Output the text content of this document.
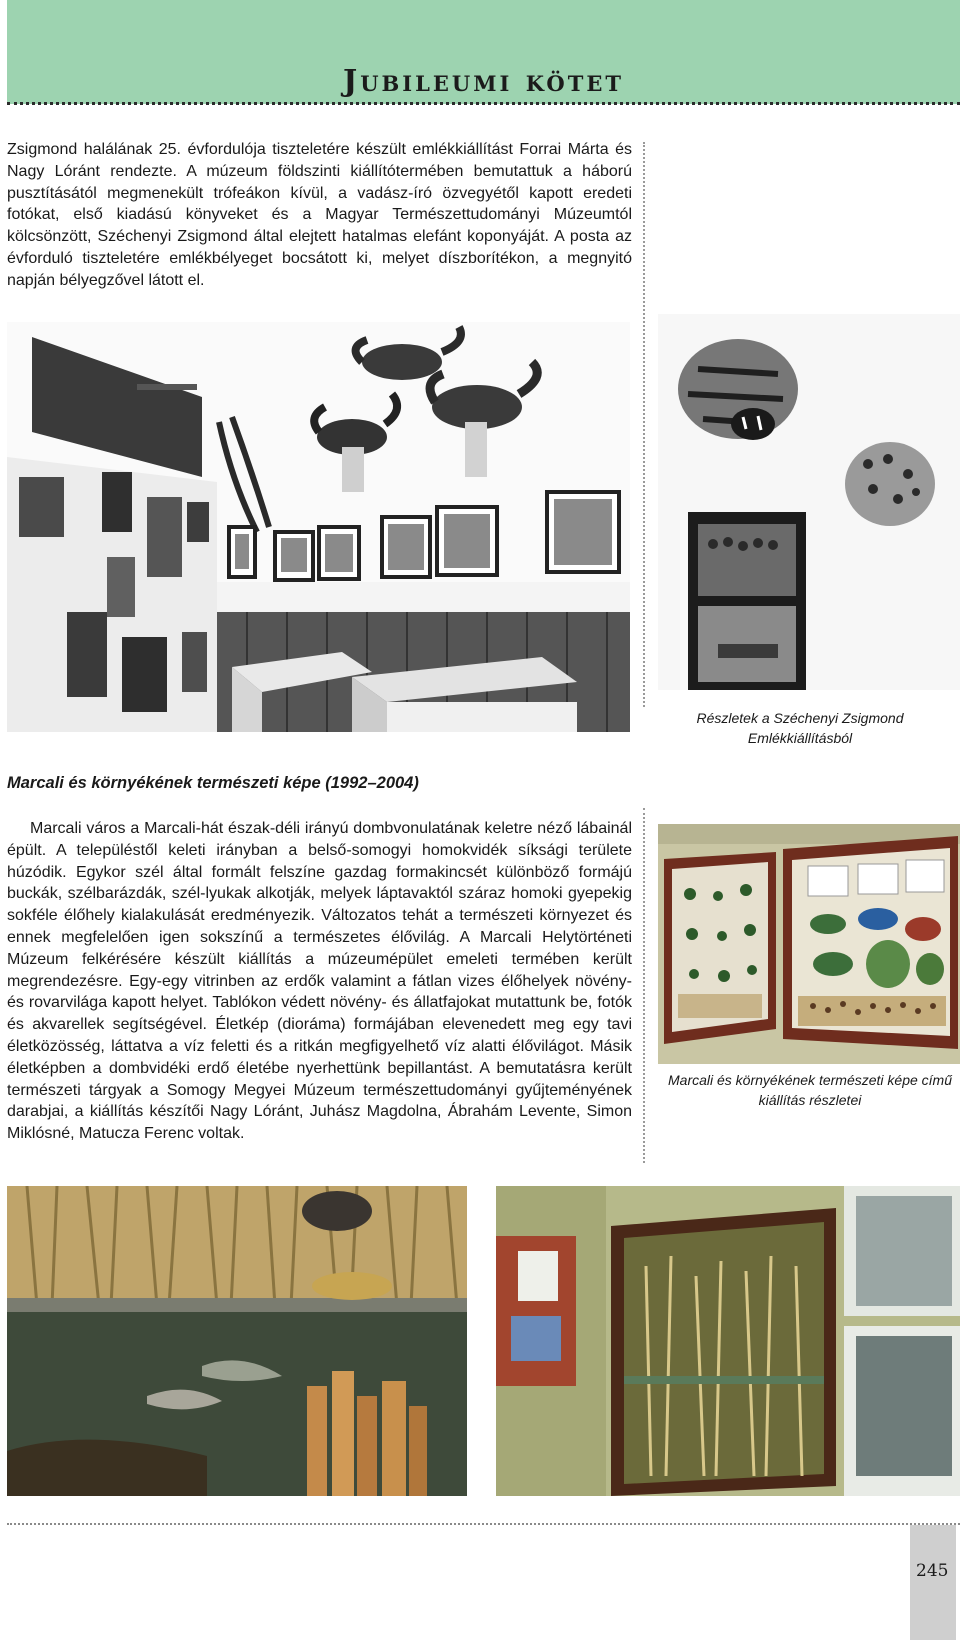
Jubileumi kötet

Zsigmond halálának 25. évfordulója tiszteletére készült emlékkiállítást Forrai Márta és Nagy Lóránt rendezte. A múzeum földszinti kiállítótermében bemutattuk a háború pusztításától megmenekült trófeákon kívül, a vadász-író özvegyétől kapott eredeti fotókat, első kiadású könyveket és a Magyar Természettudományi Múzeumtól kölcsönzött, Széchenyi Zsigmond által elejtett hatalmas elefánt koponyáját. A posta az évforduló tiszteletére emlékbélyeget bocsátott ki, melyet díszborítékon, a megnyitó napján bélyegzővel látott el.

Részletek a Széchenyi Zsigmond Emlékkiállításból

Marcali és környékének természeti képe (1992–2004)

Marcali város a Marcali-hát észak-déli irányú dombvonulatának keletre néző lábainál épült. A településtől keleti irányban a belső-somogyi homokvidék síksági területe húzódik. Egykor szél által formált felszíne gazdag formakincsét különböző formájú buckák, szélbarázdák, szél-lyukak alkotják, melyek láptavaktól száraz homoki gyepekig sokféle élőhely kialakulását eredményezik. Változatos tehát a természeti környezet és ennek megfelelően igen sokszínű a természetes élővilág. A Marcali Helytörténeti Múzeum felkérésére készült kiállítás a múzeumépület emeleti termében került megrendezésre. Egy-egy vitrinben az erdők valamint a fátlan vizes élőhelyek növény- és rovarvilága kapott helyet. Tablókon védett növény- és állatfajokat mutattunk be, fotók és akvarellek segítségével. Életkép (dioráma) formájában elevenedett meg egy tavi életközösség, láttatva a víz feletti és a ritkán megfigyelhető víz alatti élővilágot. Másik életképben a dombvidéki erdő életébe nyerhettünk bepillantást. A bemutatásra került természeti tárgyak a Somogy Megyei Múzeum természettudományi gyűjteményének darabjai, a kiállítás készítői Nagy Lóránt, Juhász Magdolna, Ábrahám Levente, Simon Miklósné, Matucza Ferenc voltak.

Marcali és környékének természeti képe című kiállítás részletei

245
